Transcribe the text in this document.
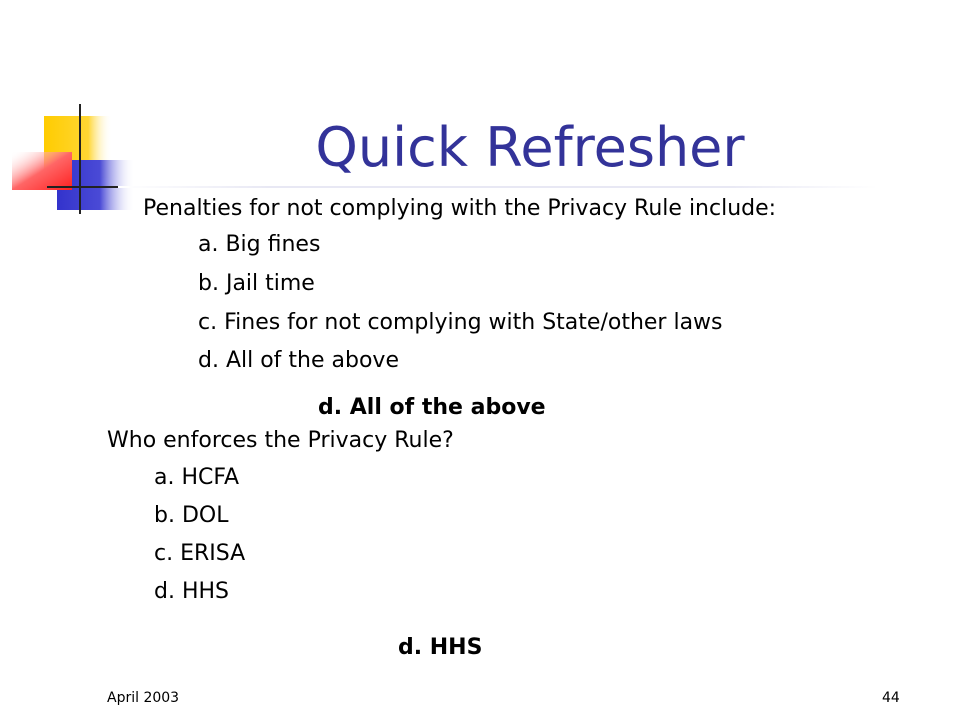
Quick Refresher
Penalties for not complying with the Privacy Rule include:
a. Big fines
b. Jail time
c. Fines for not complying with State/other laws
d. All of the above
d. All of the above
Who enforces the Privacy Rule?
a. HCFA
b. DOL
c. ERISA
d. HHS
d. HHS
April 2003	44
